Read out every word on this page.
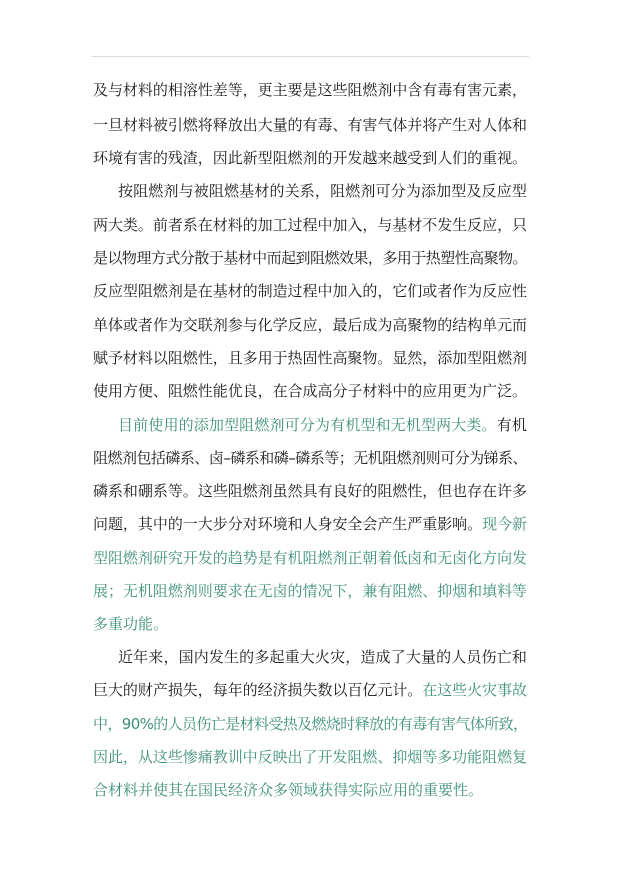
及与材料的相溶性差等，更主要是这些阻燃剂中含有毒有害元素，
一旦材料被引燃将释放出大量的有毒、有害气体并将产生对人体和
环境有害的残渣，因此新型阻燃剂的开发越来越受到人们的重视。
按阻燃剂与被阻燃基材的关系，阻燃剂可分为添加型及反应型
两大类。前者系在材料的加工过程中加入，与基材不发生反应，只
是以物理方式分散于基材中而起到阻燃效果，多用于热塑性高聚物。
反应型阻燃剂是在基材的制造过程中加入的，它们或者作为反应性
单体或者作为交联剂参与化学反应，最后成为高聚物的结构单元而
赋予材料以阻燃性，且多用于热固性高聚物。显然，添加型阻燃剂
使用方便、阻燃性能优良，在合成高分子材料中的应用更为广泛。
目前使用的添加型阻燃剂可分为有机型和无机型两大类。有机
阻燃剂包括磷系、卤–磷系和磷–磷系等；无机阻燃剂则可分为锑系、
磷系和硼系等。这些阻燃剂虽然具有良好的阻燃性，但也存在许多
问题，其中的一大步分对环境和人身安全会产生严重影响。现今新
型阻燃剂研究开发的趋势是有机阻燃剂正朝着低卤和无卤化方向发
展；无机阻燃剂则要求在无卤的情况下，兼有阻燃、抑烟和填料等
多重功能。
近年来，国内发生的多起重大火灾，造成了大量的人员伤亡和
巨大的财产损失，每年的经济损失数以百亿元计。在这些火灾事故
中，90%的人员伤亡是材料受热及燃烧时释放的有毒有害气体所致，
因此，从这些惨痛教训中反映出了开发阻燃、抑烟等多功能阻燃复
合材料并使其在国民经济众多领域获得实际应用的重要性。
